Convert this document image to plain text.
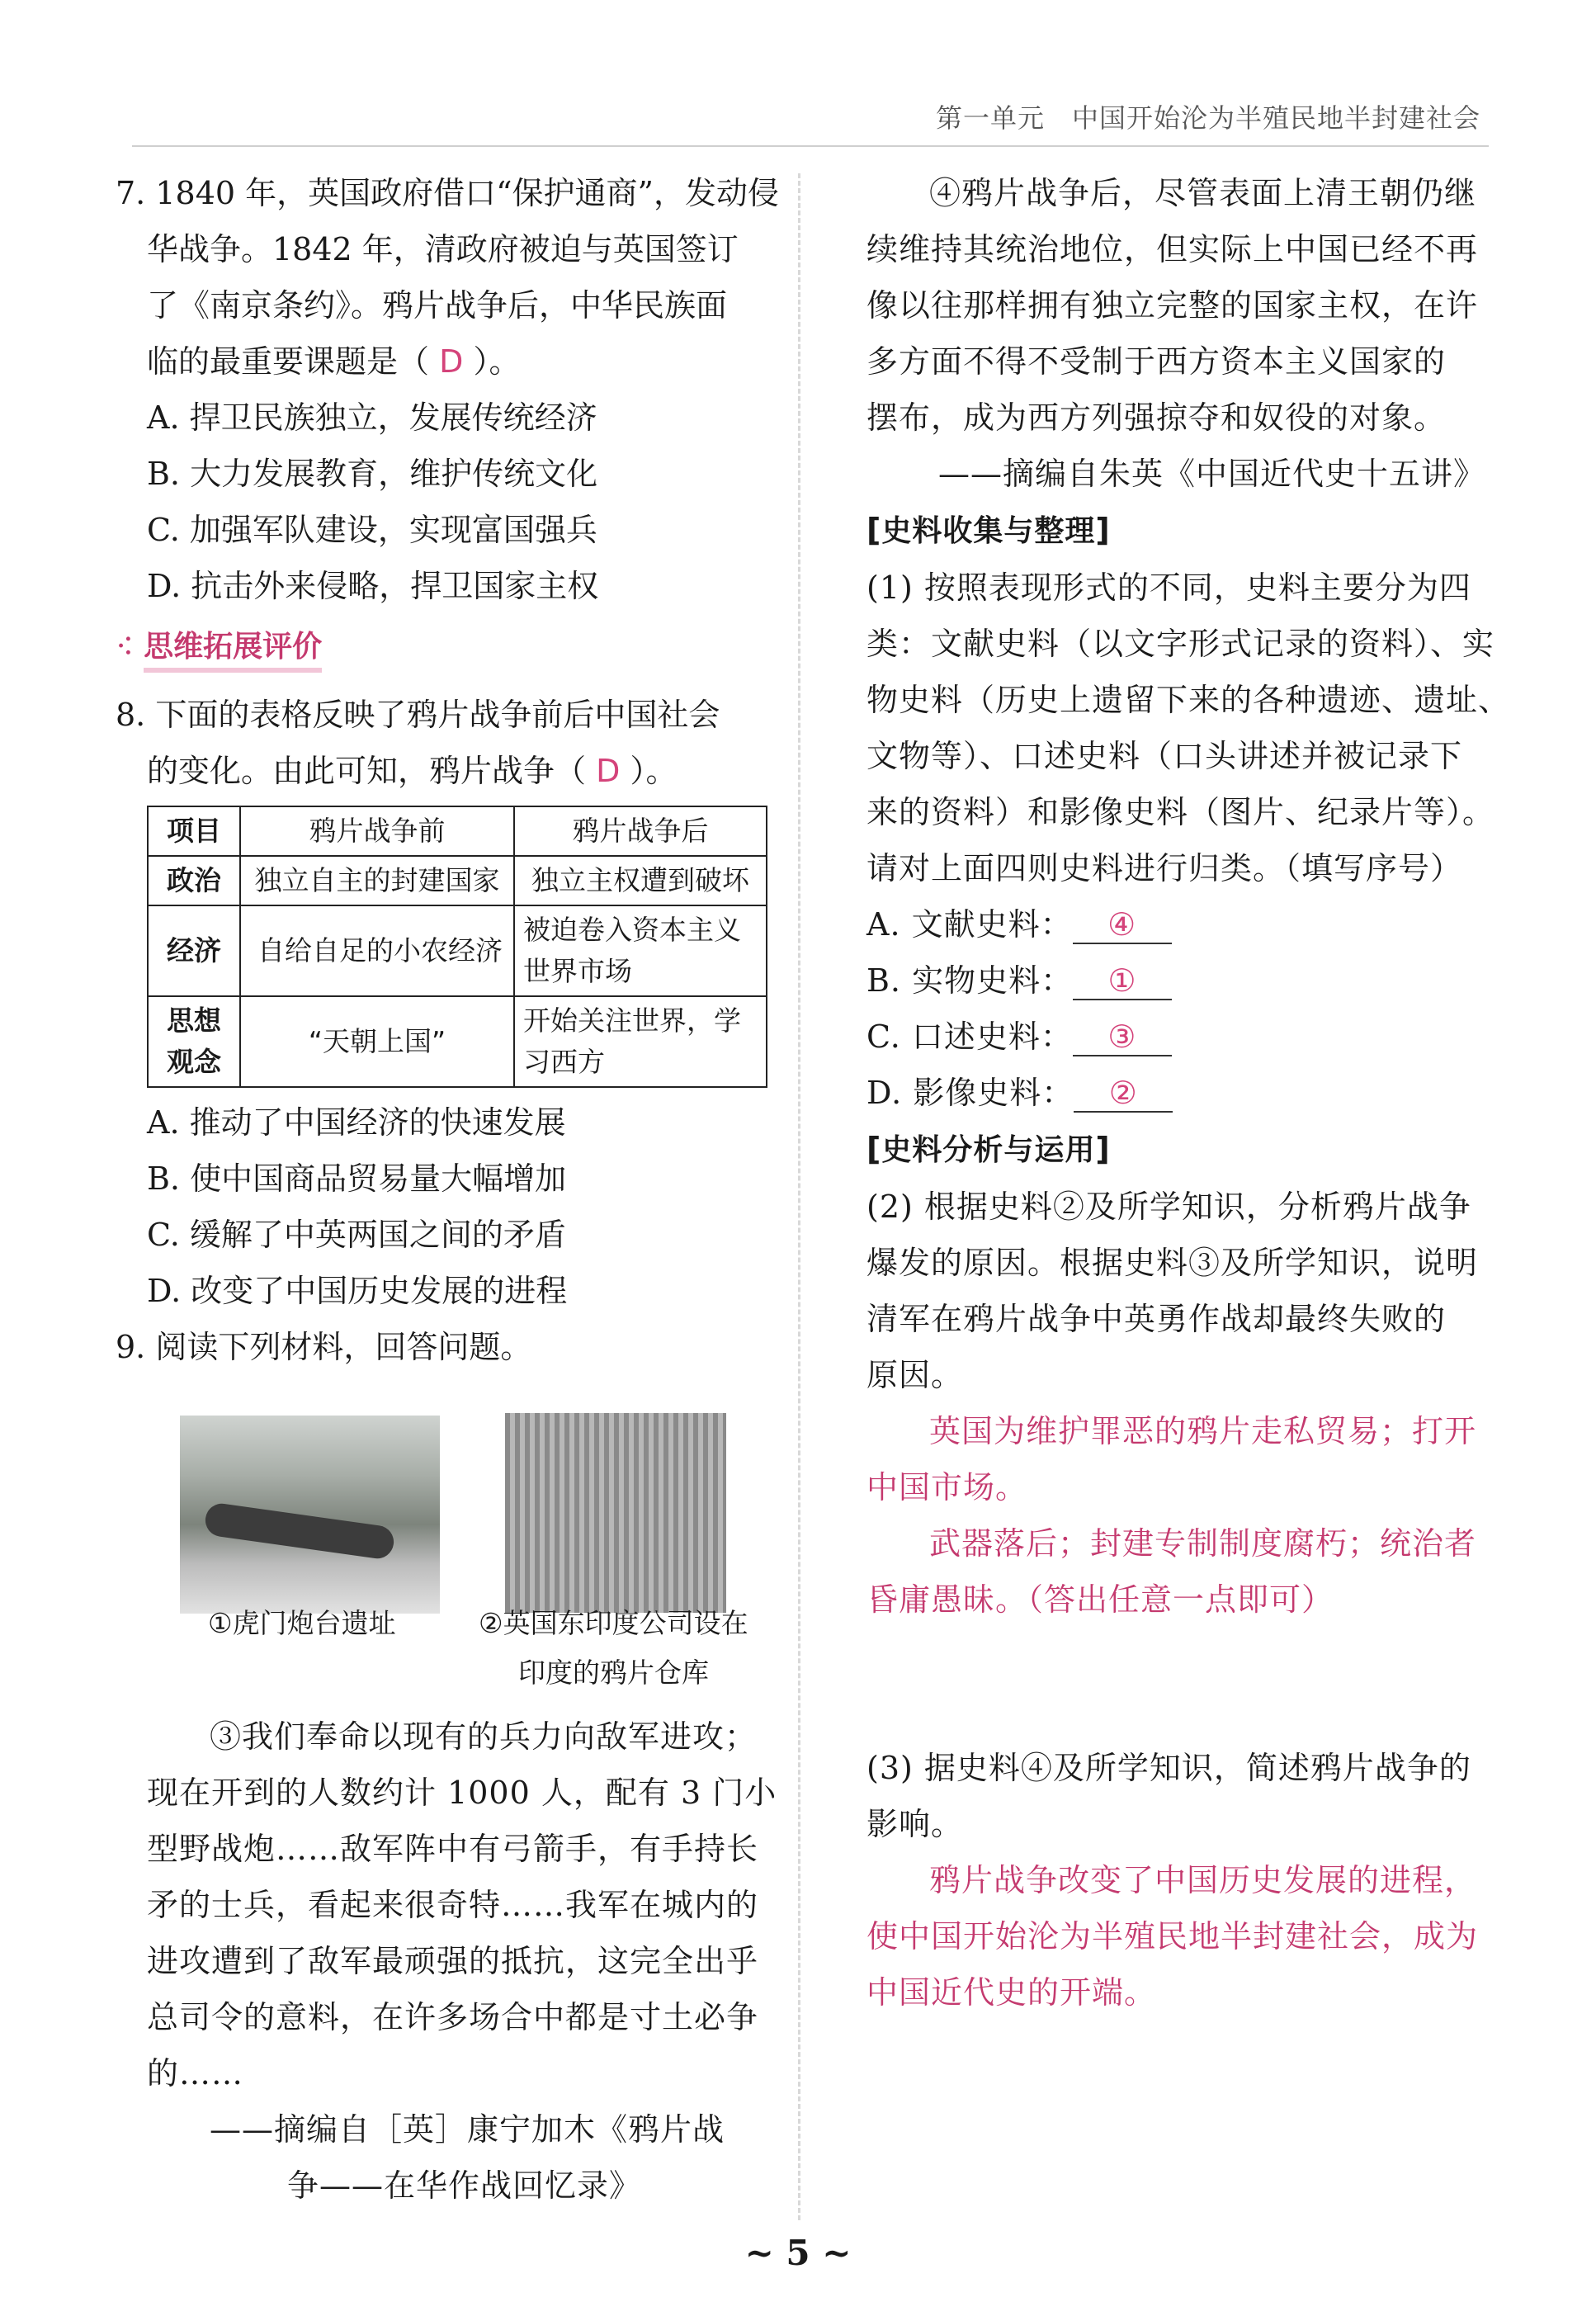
第一单元　中国开始沦为半殖民地半封建社会

7. 1840 年，英国政府借口“保护通商”，发动侵

华战争。1842 年，清政府被迫与英国签订

了《南京条约》。鸦片战争后，中华民族面

临的最重要课题是（ D ）。

A. 捍卫民族独立，发展传统经济

B. 大力发展教育，维护传统文化

C. 加强军队建设，实现富国强兵

D. 抗击外来侵略，捍卫国家主权

⠪ 思维拓展评价

8. 下面的表格反映了鸦片战争前后中国社会

的变化。由此可知，鸦片战争（ D ）。

项目	鸦片战争前	鸦片战争后
政治	独立自主的封建国家	独立主权遭到破坏
经济	自给自足的小农经济	被迫卷入资本主义世界市场
思想观念	“天朝上国”	开始关注世界，学习西方

A. 推动了中国经济的快速发展

B. 使中国商品贸易量大幅增加

C. 缓解了中英两国之间的矛盾

D. 改变了中国历史发展的进程

9. 阅读下列材料，回答问题。

①虎门炮台遗址	②英国东印度公司设在
印度的鸦片仓库

③我们奉命以现有的兵力向敌军进攻；

现在开到的人数约计 1000 人，配有 3 门小

型野战炮……敌军阵中有弓箭手，有手持长

矛的士兵，看起来很奇特……我军在城内的

进攻遭到了敌军最顽强的抵抗，这完全出乎

总司令的意料，在许多场合中都是寸土必争

的……

——摘编自［英］康宁加木《鸦片战

争——在华作战回忆录》

④鸦片战争后，尽管表面上清王朝仍继

续维持其统治地位，但实际上中国已经不再

像以往那样拥有独立完整的国家主权，在许

多方面不得不受制于西方资本主义国家的

摆布，成为西方列强掠夺和奴役的对象。

——摘编自朱英《中国近代史十五讲》

[史料收集与整理]

(1) 按照表现形式的不同，史料主要分为四

类：文献史料（以文字形式记录的资料）、实

物史料（历史上遗留下来的各种遗迹、遗址、

文物等）、口述史料（口头讲述并被记录下

来的资料）和影像史料（图片、纪录片等）。

请对上面四则史料进行归类。（填写序号）

A. 文献史料： ④

B. 实物史料： ①

C. 口述史料： ③

D. 影像史料： ②

[史料分析与运用]

(2) 根据史料②及所学知识，分析鸦片战争

爆发的原因。根据史料③及所学知识，说明

清军在鸦片战争中英勇作战却最终失败的

原因。

英国为维护罪恶的鸦片走私贸易；打开

中国市场。

武器落后；封建专制制度腐朽；统治者

昏庸愚昧。（答出任意一点即可）

(3) 据史料④及所学知识，简述鸦片战争的

影响。

鸦片战争改变了中国历史发展的进程，

使中国开始沦为半殖民地半封建社会，成为

中国近代史的开端。

~ 5 ~
